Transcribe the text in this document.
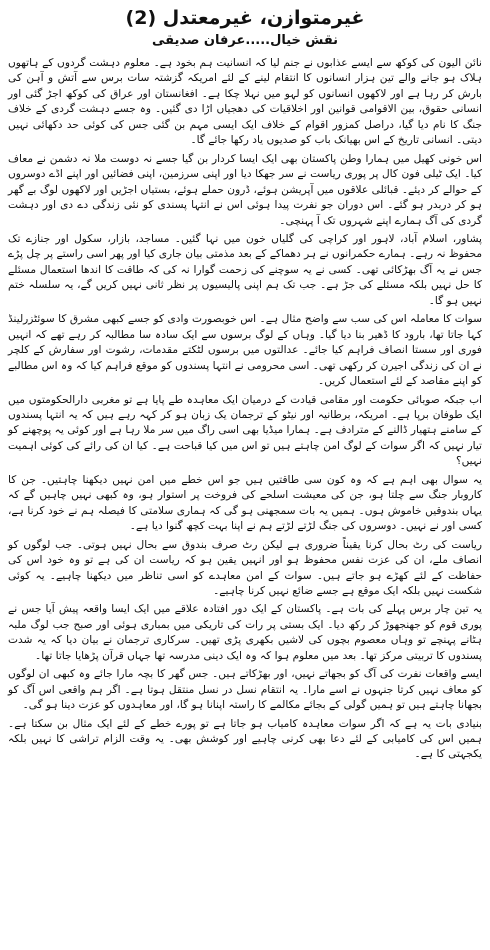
غیرمتوازن، غیرمعتدل (2)
نقش خیال.....عرفان صدیقی

نائن الیون کی کوکھ سے ایسے عذابوں نے جنم لیا کہ انسانیت ہم بخود ہے۔ معلوم دہشت گردوں کے ہاتھوں ہلاک ہو جانے والے تین ہزار انسانوں کا انتقام لینے کے لئے امریکہ گزشتہ سات برس سے آتش و آہن کی بارش کر رہا ہے اور لاکھوں انسانوں کو لہو میں نہلا چکا ہے۔ افغانستان اور عراق کی کوکھ اجڑ گئی اور انسانی حقوق، بین الاقوامی قوانین اور اخلاقیات کی دھجیاں اڑا دی گئیں۔ وہ جسے دہشت گردی کے خلاف جنگ کا نام دیا گیا، دراصل کمزور اقوام کے خلاف ایک ایسی مہم بن گئی جس کی کوئی حد دکھائی نہیں دیتی۔ انسانی تاریخ کے اس بھیانک باب کو صدیوں یاد رکھا جائے گا۔

اس خونی کھیل میں ہمارا وطن پاکستان بھی ایک ایسا کردار بن گیا جسے نہ دوست ملا نہ دشمن نے معاف کیا۔ ایک ٹیلی فون کال پر پوری ریاست نے سر جھکا دیا اور اپنی سرزمین، اپنی فضائیں اور اپنے اڈے دوسروں کے حوالے کر دیئے۔ قبائلی علاقوں میں آپریشن ہوئے، ڈرون حملے ہوئے، بستیاں اجڑیں اور لاکھوں لوگ بے گھر ہو کر دربدر ہو گئے۔ اس دوران جو نفرت پیدا ہوئی اس نے انتہا پسندی کو نئی زندگی دے دی اور دہشت گردی کی آگ ہمارے اپنے شہروں تک آ پہنچی۔

پشاور، اسلام آباد، لاہور اور کراچی کی گلیاں خون میں نہا گئیں۔ مساجد، بازار، سکول اور جنازے تک محفوظ نہ رہے۔ ہمارے حکمرانوں نے ہر دھماکے کے بعد مذمتی بیان جاری کیا اور پھر اسی راستے پر چل پڑے جس نے یہ آگ بھڑکائی تھی۔ کسی نے یہ سوچنے کی زحمت گوارا نہ کی کہ طاقت کا اندھا استعمال مسئلے کا حل نہیں بلکہ مسئلے کی جڑ ہے۔ جب تک ہم اپنی پالیسیوں پر نظر ثانی نہیں کریں گے، یہ سلسلہ ختم نہیں ہو گا۔

سوات کا معاملہ اس کی سب سے واضح مثال ہے۔ اس خوبصورت وادی کو جسے کبھی مشرق کا سوئٹزرلینڈ کہا جاتا تھا، بارود کا ڈھیر بنا دیا گیا۔ وہاں کے لوگ برسوں سے ایک سادہ سا مطالبہ کر رہے تھے کہ انہیں فوری اور سستا انصاف فراہم کیا جائے۔ عدالتوں میں برسوں لٹکتے مقدمات، رشوت اور سفارش کے کلچر نے ان کی زندگی اجیرن کر رکھی تھی۔ اسی محرومی نے انتہا پسندوں کو موقع فراہم کیا کہ وہ اس مطالبے کو اپنے مقاصد کے لئے استعمال کریں۔

اب جبکہ صوبائی حکومت اور مقامی قیادت کے درمیان ایک معاہدہ طے پایا ہے تو مغربی دارالحکومتوں میں ایک طوفان برپا ہے۔ امریکہ، برطانیہ اور نیٹو کے ترجمان یک زبان ہو کر کہہ رہے ہیں کہ یہ انتہا پسندوں کے سامنے ہتھیار ڈالنے کے مترادف ہے۔ ہمارا میڈیا بھی اسی راگ میں سر ملا رہا ہے اور کوئی یہ پوچھنے کو تیار نہیں کہ اگر سوات کے لوگ امن چاہتے ہیں تو اس میں کیا قباحت ہے۔ کیا ان کی رائے کی کوئی اہمیت نہیں؟

یہ سوال بھی اہم ہے کہ وہ کون سی طاقتیں ہیں جو اس خطے میں امن نہیں دیکھنا چاہتیں۔ جن کا کاروبار جنگ سے چلتا ہو، جن کی معیشت اسلحے کی فروخت پر استوار ہو، وہ کبھی نہیں چاہیں گے کہ یہاں بندوقیں خاموش ہوں۔ ہمیں یہ بات سمجھنی ہو گی کہ ہماری سلامتی کا فیصلہ ہم نے خود کرنا ہے، کسی اور نے نہیں۔ دوسروں کی جنگ لڑتے لڑتے ہم نے اپنا بہت کچھ گنوا دیا ہے۔

ریاست کی رٹ بحال کرنا یقیناً ضروری ہے لیکن رٹ صرف بندوق سے بحال نہیں ہوتی۔ جب لوگوں کو انصاف ملے، ان کی عزت نفس محفوظ ہو اور انہیں یقین ہو کہ ریاست ان کی ہے تو وہ خود اس کی حفاظت کے لئے کھڑے ہو جاتے ہیں۔ سوات کے امن معاہدے کو اسی تناظر میں دیکھنا چاہیے۔ یہ کوئی شکست نہیں بلکہ ایک موقع ہے جسے ضائع نہیں کرنا چاہیے۔

یہ تین چار برس پہلے کی بات ہے۔ پاکستان کے ایک دور افتادہ علاقے میں ایک ایسا واقعہ پیش آیا جس نے پوری قوم کو جھنجھوڑ کر رکھ دیا۔ ایک بستی پر رات کی تاریکی میں بمباری ہوئی اور صبح جب لوگ ملبہ ہٹانے پہنچے تو وہاں معصوم بچوں کی لاشیں بکھری پڑی تھیں۔ سرکاری ترجمان نے بیان دیا کہ یہ شدت پسندوں کا تربیتی مرکز تھا۔ بعد میں معلوم ہوا کہ وہ ایک دینی مدرسہ تھا جہاں قرآن پڑھایا جاتا تھا۔

ایسے واقعات نفرت کی آگ کو بجھاتے نہیں، اور بھڑکاتے ہیں۔ جس گھر کا بچہ مارا جائے وہ کبھی ان لوگوں کو معاف نہیں کرتا جنہوں نے اسے مارا۔ یہ انتقام نسل در نسل منتقل ہوتا ہے۔ اگر ہم واقعی اس آگ کو بجھانا چاہتے ہیں تو ہمیں گولی کے بجائے مکالمے کا راستہ اپنانا ہو گا، اور معاہدوں کو عزت دینا ہو گی۔

بنیادی بات یہ ہے کہ اگر سوات معاہدہ کامیاب ہو جاتا ہے تو پورے خطے کے لئے ایک مثال بن سکتا ہے۔ ہمیں اس کی کامیابی کے لئے دعا بھی کرنی چاہیے اور کوشش بھی۔ یہ وقت الزام تراشی کا نہیں بلکہ یکجہتی کا ہے۔
